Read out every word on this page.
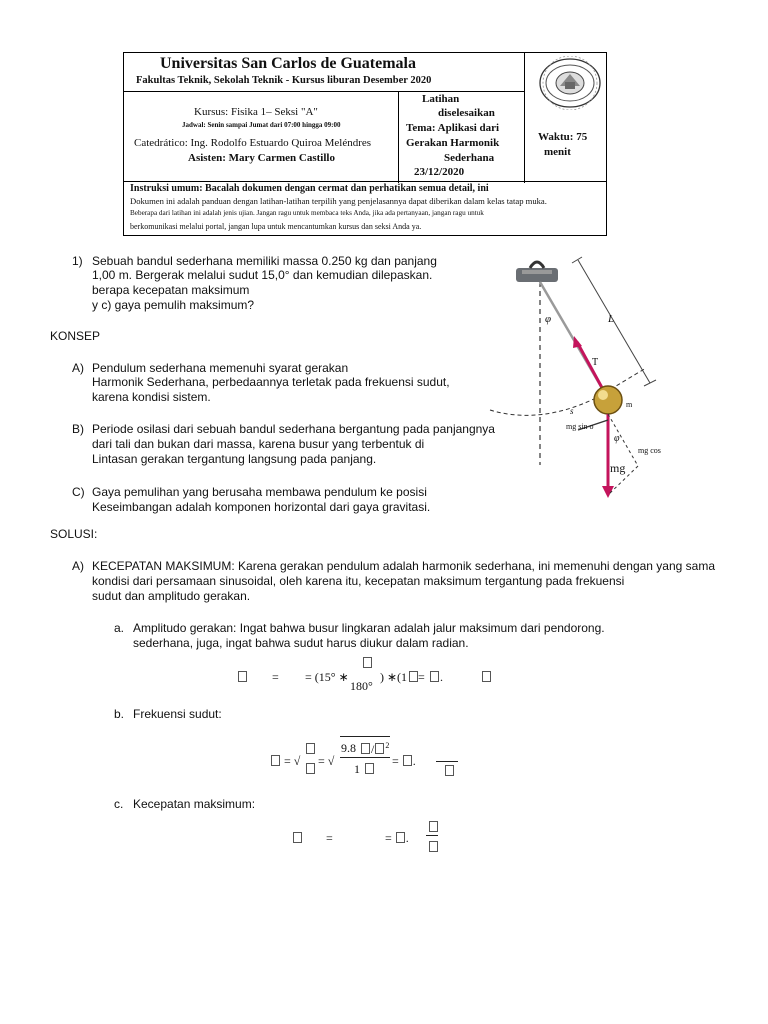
Universitas San Carlos de Guatemala
Fakultas Teknik, Sekolah Teknik - Kursus liburan Desember 2020
Kursus: Fisika 1– Seksi "A"
Jadwal: Senin sampai Jumat dari 07:00 hingga 09:00
Catedrático: Ing. Rodolfo Estuardo Quiroa Meléndres
Asisten: Mary Carmen Castillo
Latihan
diselesaikan
Tema: Aplikasi dari
Gerakan Harmonik
Sederhana
23/12/2020
Waktu: 75
menit
Instruksi umum: Bacalah dokumen dengan cermat dan perhatikan semua detail, ini
Dokumen ini adalah panduan dengan latihan-latihan terpilih yang penjelasannya dapat diberikan dalam kelas tatap muka.
Beberapa dari latihan ini adalah jenis ujian. Jangan ragu untuk membaca teks Anda, jika ada pertanyaan, jangan ragu untuk
berkomunikasi melalui portal, jangan lupa untuk mencantumkan kursus dan seksi Anda ya.
1) Sebuah bandul sederhana memiliki massa 0.250 kg dan panjang
1,00 m. Bergerak melalui sudut 15,0° dan kemudian dilepaskan.
berapa kecepatan maksimum
y c) gaya pemulih maksimum?
KONSEP
A) Pendulum sederhana memenuhi syarat gerakan
Harmonik Sederhana, perbedaannya terletak pada frekuensi sudut,
karena kondisi sistem.
B) Periode osilasi dari sebuah bandul sederhana bergantung pada panjangnya
dari tali dan bukan dari massa, karena busur yang terbentuk di
Lintasan gerakan tergantung langsung pada panjang.
C) Gaya pemulihan yang berusaha membawa pendulum ke posisi
Keseimbangan adalah komponen horizontal dari gaya gravitasi.
φ	L
T
m
s
mg sin o
φ
mg cos
mg
SOLUSI:
A) KECEPATAN MAKSIMUM: Karena gerakan pendulum adalah harmonik sederhana, ini memenuhi dengan yang sama
kondisi dari persamaan sinusoidal, oleh karena itu, kecepatan maksimum tergantung pada frekuensi
sudut dan amplitudo gerakan.
a. Amplitudo gerakan: Ingat bahwa busur lingkaran adalah jalur maksimum dari pendorong.
sederhana, juga, ingat bahwa sudut harus diukur dalam radian.
= = (15° ∗
180°
) ∗(1 =	.
b. Frekuensi sudut:
= √ = √
9.8	/ $^2$
1
= .
c. Kecepatan maksimum:
=	= .
